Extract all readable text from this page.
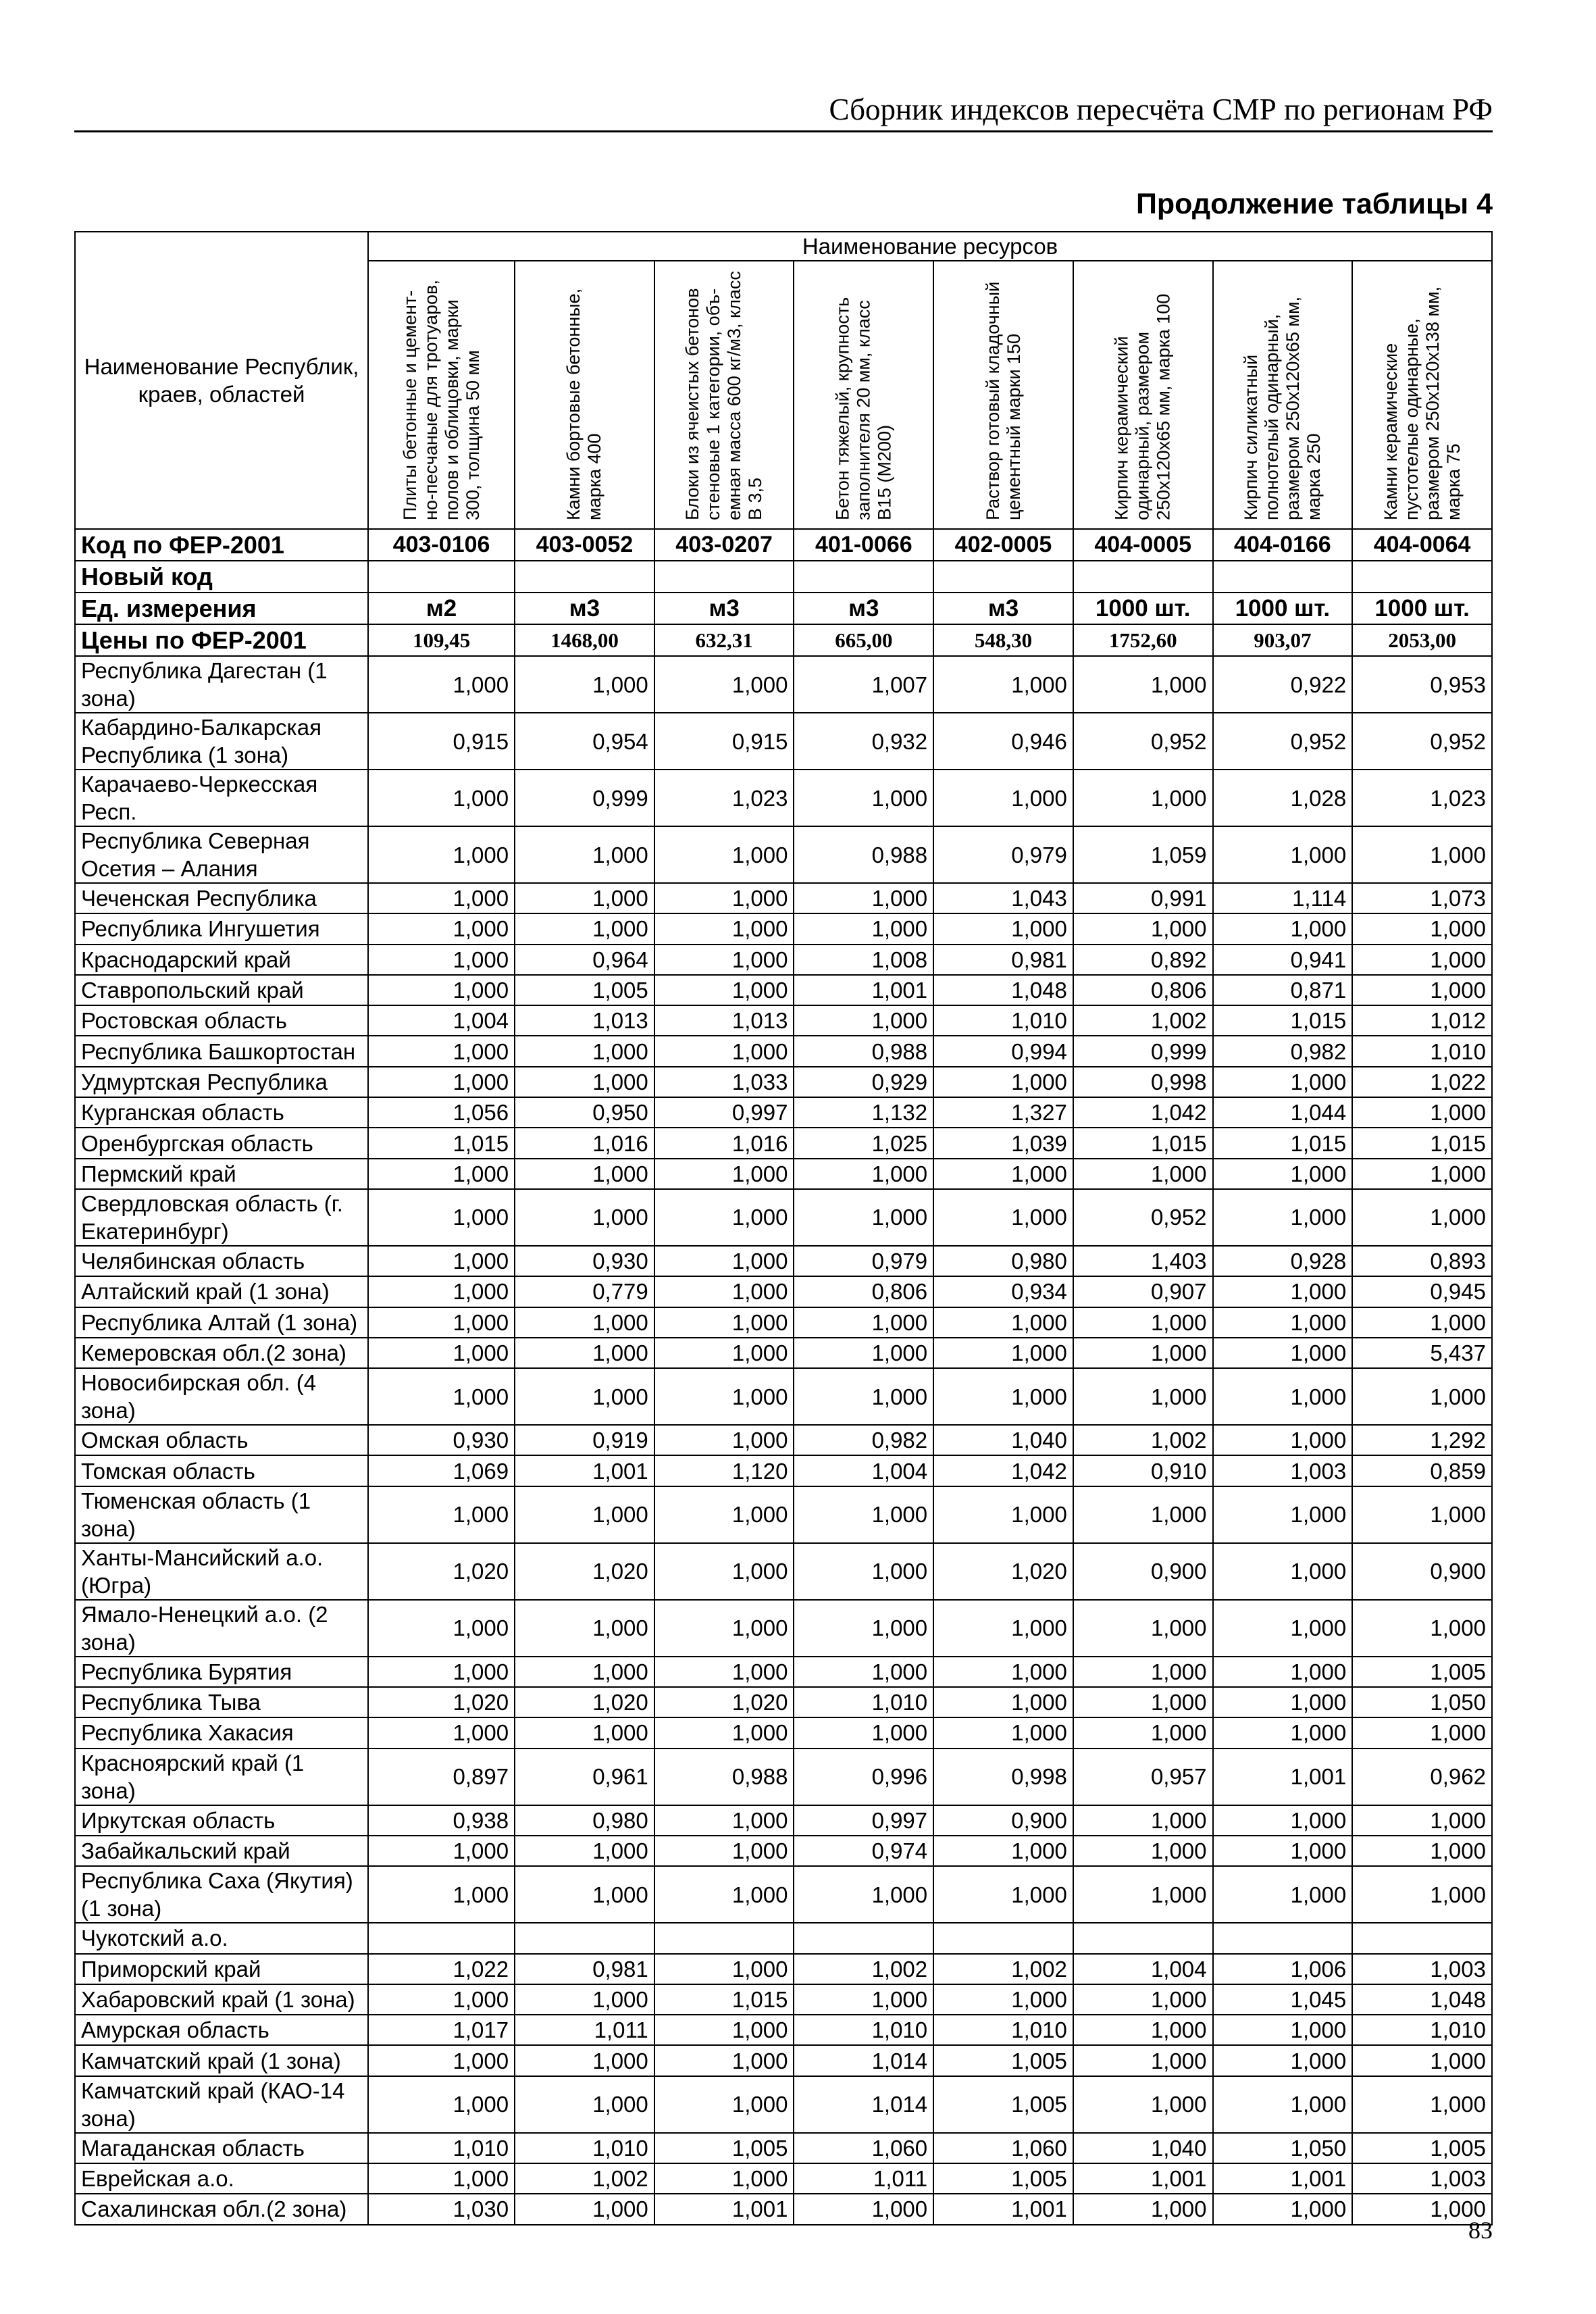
Сборник индексов пересчёта СМР по регионам РФ
Продолжение таблицы 4
Наименование Республик, краев, областей	Наименование ресурсов							

	Плиты бетонные и цемент-но-песчаные для тротуаров, полов и облицовки, марки 300, толщина 50 мм	Камни бортовые бетонные, марка 400	Блоки из ячеистых бетонов стеновые 1 категории, объ-емная масса 600 кг/м3, класс В 3,5	Бетон тяжелый, крупность заполнителя 20 мм, класс В15 (М200)	Раствор готовый кладочный цементный марки 150	Кирпич керамический одинарный, размером 250х120х65 мм, марка 100	Кирпич силикатный полнотелый одинарный, размером 250х120х65 мм, марка 250	Камни керамические пустотелые одинарные, размером 250х120х138 мм, марка 75

Код по ФЕР-2001	403-0106	403-0052	403-0207	401-0066	402-0005	404-0005	404-0166	404-0064
Новый код								
Ед. измерения	м2	м3	м3	м3	м3	1000 шт.	1000 шт.	1000 шт.
Цены по ФЕР-2001	109,45	1468,00	632,31	665,00	548,30	1752,60	903,07	2053,00
Республика Дагестан (1 зона)	1,000	1,000	1,000	1,007	1,000	1,000	0,922	0,953
Кабардино-Балкарская Республика (1 зона)	0,915	0,954	0,915	0,932	0,946	0,952	0,952	0,952
Карачаево-Черкесская Респ.	1,000	0,999	1,023	1,000	1,000	1,000	1,028	1,023
Республика Северная Осетия – Алания	1,000	1,000	1,000	0,988	0,979	1,059	1,000	1,000
Чеченская Республика	1,000	1,000	1,000	1,000	1,043	0,991	1,114	1,073
Республика Ингушетия	1,000	1,000	1,000	1,000	1,000	1,000	1,000	1,000
Краснодарский край	1,000	0,964	1,000	1,008	0,981	0,892	0,941	1,000
Ставропольский край	1,000	1,005	1,000	1,001	1,048	0,806	0,871	1,000
Ростовская область	1,004	1,013	1,013	1,000	1,010	1,002	1,015	1,012
Республика Башкортостан	1,000	1,000	1,000	0,988	0,994	0,999	0,982	1,010
Удмуртская Республика	1,000	1,000	1,033	0,929	1,000	0,998	1,000	1,022
Курганская область	1,056	0,950	0,997	1,132	1,327	1,042	1,044	1,000
Оренбургская область	1,015	1,016	1,016	1,025	1,039	1,015	1,015	1,015
Пермский край	1,000	1,000	1,000	1,000	1,000	1,000	1,000	1,000
Свердловская область (г. Екатеринбург)	1,000	1,000	1,000	1,000	1,000	0,952	1,000	1,000
Челябинская область	1,000	0,930	1,000	0,979	0,980	1,403	0,928	0,893
Алтайский край (1 зона)	1,000	0,779	1,000	0,806	0,934	0,907	1,000	0,945
Республика Алтай (1 зона)	1,000	1,000	1,000	1,000	1,000	1,000	1,000	1,000
Кемеровская обл.(2 зона)	1,000	1,000	1,000	1,000	1,000	1,000	1,000	5,437
Новосибирская обл. (4 зона)	1,000	1,000	1,000	1,000	1,000	1,000	1,000	1,000
Омская область	0,930	0,919	1,000	0,982	1,040	1,002	1,000	1,292
Томская область	1,069	1,001	1,120	1,004	1,042	0,910	1,003	0,859
Тюменская область (1 зона)	1,000	1,000	1,000	1,000	1,000	1,000	1,000	1,000
Ханты-Мансийский а.о.(Югра)	1,020	1,020	1,000	1,000	1,020	0,900	1,000	0,900
Ямало-Ненецкий а.о. (2 зона)	1,000	1,000	1,000	1,000	1,000	1,000	1,000	1,000
Республика Бурятия	1,000	1,000	1,000	1,000	1,000	1,000	1,000	1,005
Республика Тыва	1,020	1,020	1,020	1,010	1,000	1,000	1,000	1,050
Республика Хакасия	1,000	1,000	1,000	1,000	1,000	1,000	1,000	1,000
Красноярский край (1 зона)	0,897	0,961	0,988	0,996	0,998	0,957	1,001	0,962
Иркутская область	0,938	0,980	1,000	0,997	0,900	1,000	1,000	1,000
Забайкальский край	1,000	1,000	1,000	0,974	1,000	1,000	1,000	1,000
Республика Саха (Якутия) (1 зона)	1,000	1,000	1,000	1,000	1,000	1,000	1,000	1,000
Чукотский а.о.								
Приморский край	1,022	0,981	1,000	1,002	1,002	1,004	1,006	1,003
Хабаровский край (1 зона)	1,000	1,000	1,015	1,000	1,000	1,000	1,045	1,048
Амурская область	1,017	1,011	1,000	1,010	1,010	1,000	1,000	1,010
Камчатский край (1 зона)	1,000	1,000	1,000	1,014	1,005	1,000	1,000	1,000
Камчатский край (КАО-14 зона)	1,000	1,000	1,000	1,014	1,005	1,000	1,000	1,000
Магаданская область	1,010	1,010	1,005	1,060	1,060	1,040	1,050	1,005
Еврейская а.о.	1,000	1,002	1,000	1,011	1,005	1,001	1,001	1,003
Сахалинская обл.(2 зона)	1,030	1,000	1,001	1,000	1,001	1,000	1,000	1,000
83
